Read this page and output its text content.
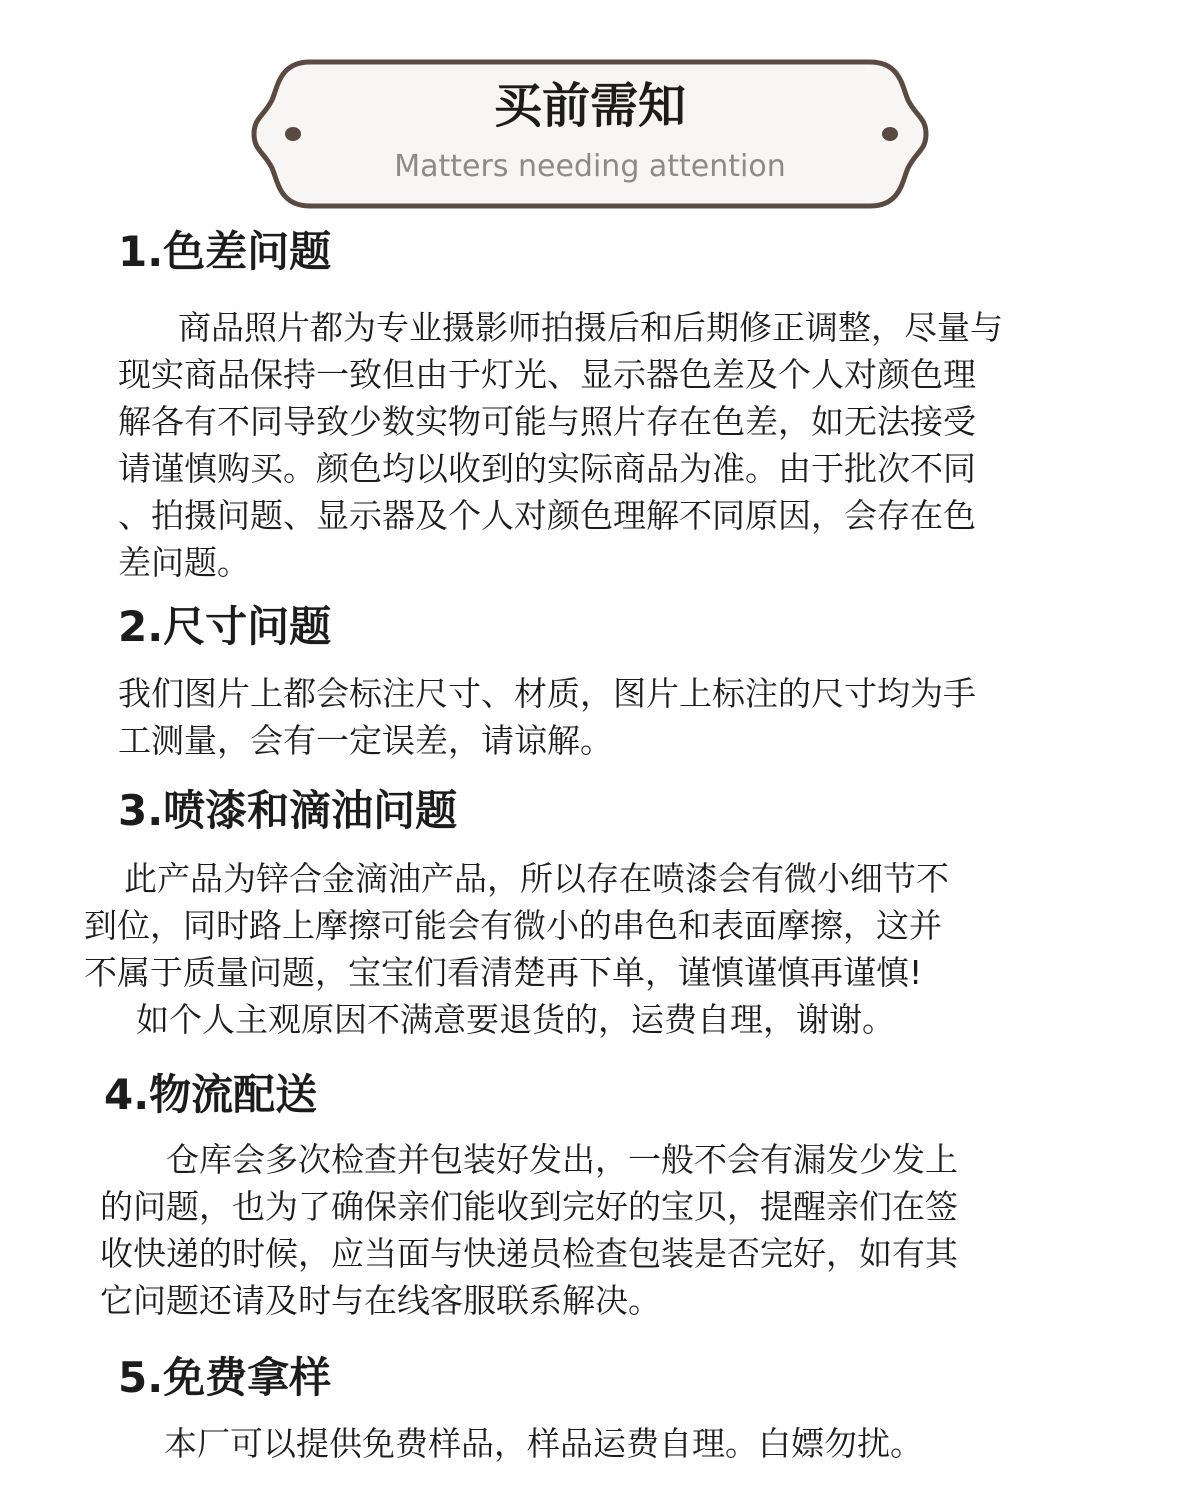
买前需知
Matters needing attention
1.色差问题
商品照片都为专业摄影师拍摄后和后期修正调整，尽量与
现实商品保持一致但由于灯光、显示器色差及个人对颜色理
解各有不同导致少数实物可能与照片存在色差，如无法接受
请谨慎购买。颜色均以收到的实际商品为准。由于批次不同
、拍摄问题、显示器及个人对颜色理解不同原因，会存在色
差问题。
2.尺寸问题
我们图片上都会标注尺寸、材质，图片上标注的尺寸均为手
工测量，会有一定误差，请谅解。
3.喷漆和滴油问题
此产品为锌合金滴油产品，所以存在喷漆会有微小细节不
到位，同时路上摩擦可能会有微小的串色和表面摩擦，这并
不属于质量问题，宝宝们看清楚再下单，谨慎谨慎再谨慎!
如个人主观原因不满意要退货的，运费自理，谢谢。
4.物流配送
仓库会多次检查并包装好发出，一般不会有漏发少发上
的问题，也为了确保亲们能收到完好的宝贝，提醒亲们在签
收快递的时候，应当面与快递员检查包装是否完好，如有其
它问题还请及时与在线客服联系解决。
5.免费拿样
本厂可以提供免费样品，样品运费自理。白嫖勿扰。
